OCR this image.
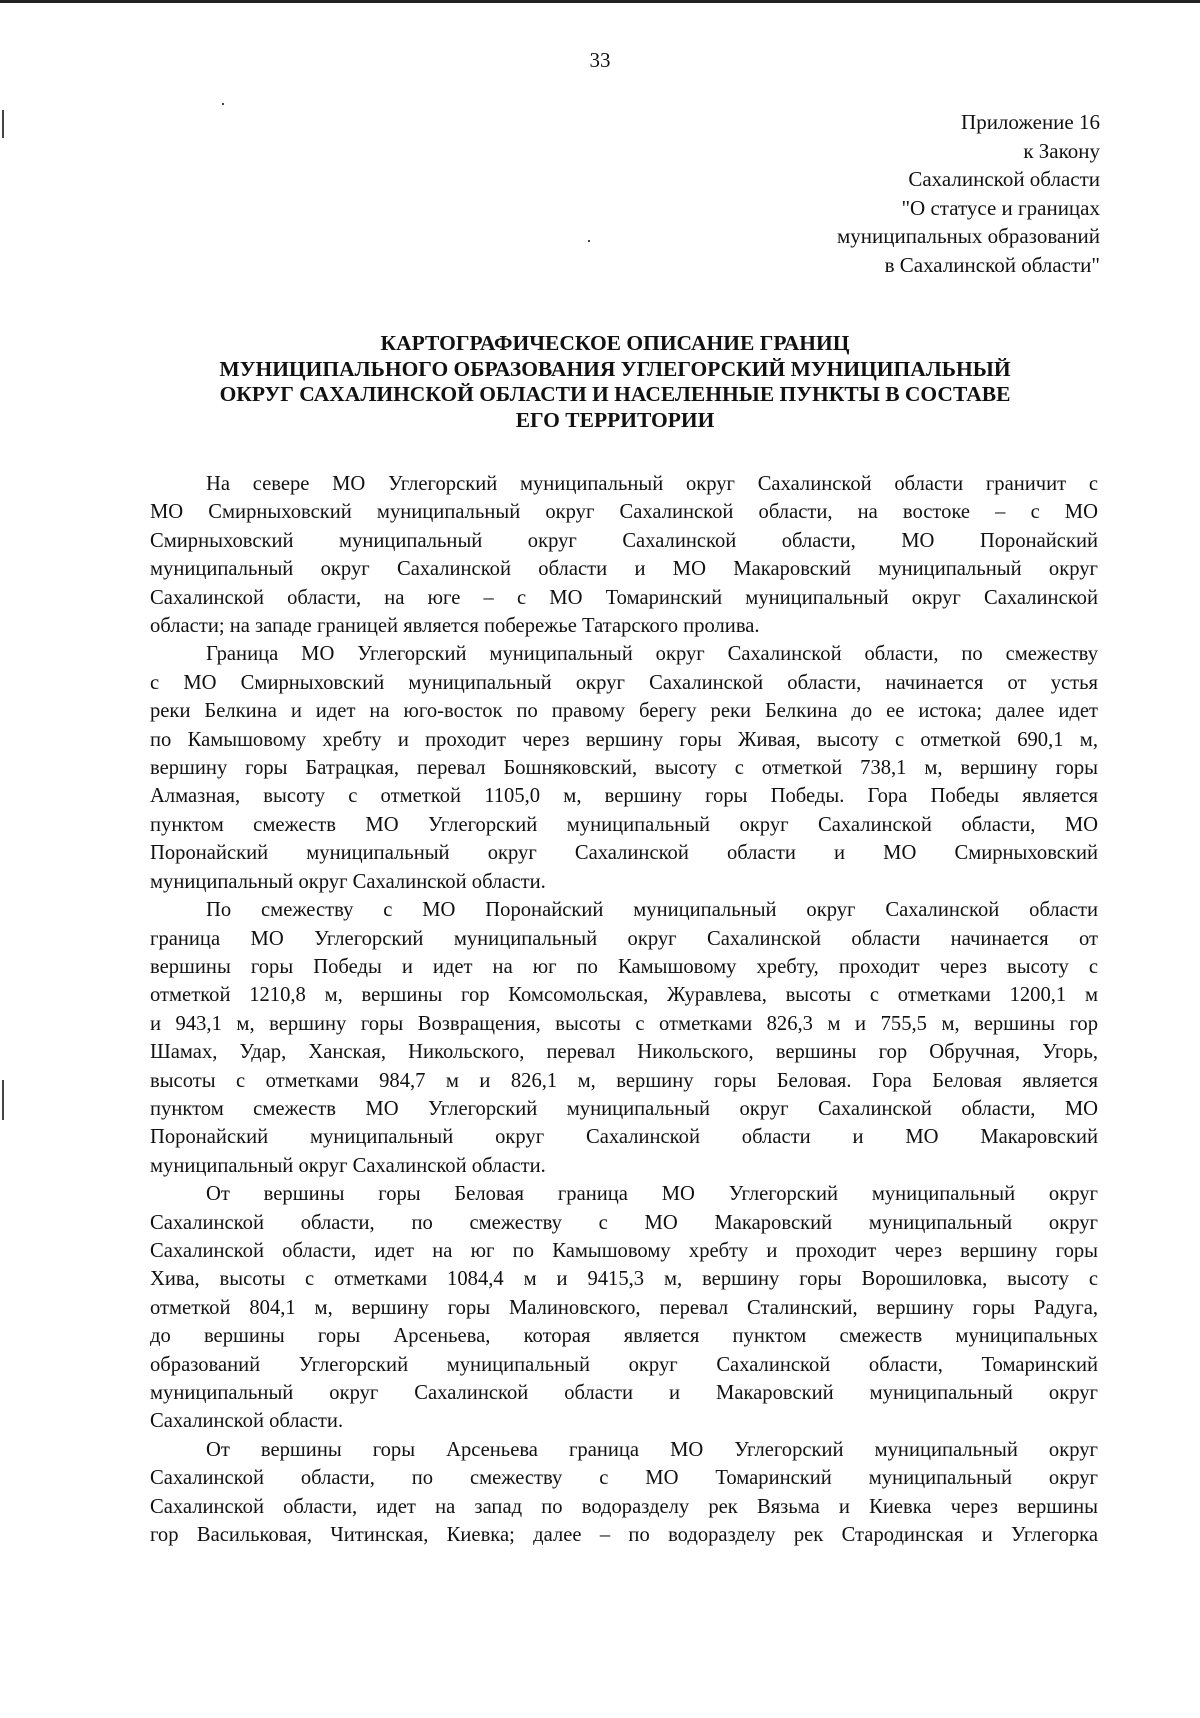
33
Приложение 16
к Закону
Сахалинской области
"О статусе и границах
муниципальных образований
в Сахалинской области"
КАРТОГРАФИЧЕСКОЕ ОПИСАНИЕ ГРАНИЦ
МУНИЦИПАЛЬНОГО ОБРАЗОВАНИЯ УГЛЕГОРСКИЙ МУНИЦИПАЛЬНЫЙ
ОКРУГ САХАЛИНСКОЙ ОБЛАСТИ И НАСЕЛЕННЫЕ ПУНКТЫ В СОСТАВЕ
ЕГО ТЕРРИТОРИИ
На севере МО Углегорский муниципальный округ Сахалинской области граничит с
МО Смирныховский муниципальный округ Сахалинской области, на востоке – с МО
Смирныховский муниципальный округ Сахалинской области, МО Поронайский
муниципальный округ Сахалинской области и МО Макаровский муниципальный округ
Сахалинской области, на юге – с МО Томаринский муниципальный округ Сахалинской
области; на западе границей является побережье Татарского пролива.
Граница МО Углегорский муниципальный округ Сахалинской области, по смежеству
с МО Смирныховский муниципальный округ Сахалинской области, начинается от устья
реки Белкина и идет на юго-восток по правому берегу реки Белкина до ее истока; далее идет
по Камышовому хребту и проходит через вершину горы Живая, высоту с отметкой 690,1 м,
вершину горы Батрацкая, перевал Бошняковский, высоту с отметкой 738,1 м, вершину горы
Алмазная, высоту с отметкой 1105,0 м, вершину горы Победы. Гора Победы является
пунктом смежеств МО Углегорский муниципальный округ Сахалинской области, МО
Поронайский муниципальный округ Сахалинской области и МО Смирныховский
муниципальный округ Сахалинской области.
По смежеству с МО Поронайский муниципальный округ Сахалинской области
граница МО Углегорский муниципальный округ Сахалинской области начинается от
вершины горы Победы и идет на юг по Камышовому хребту, проходит через высоту с
отметкой 1210,8 м, вершины гор Комсомольская, Журавлева, высоты с отметками 1200,1 м
и 943,1 м, вершину горы Возвращения, высоты с отметками 826,3 м и 755,5 м, вершины гор
Шамах, Удар, Ханская, Никольского, перевал Никольского, вершины гор Обручная, Угорь,
высоты с отметками 984,7 м и 826,1 м, вершину горы Беловая. Гора Беловая является
пунктом смежеств МО Углегорский муниципальный округ Сахалинской области, МО
Поронайский муниципальный округ Сахалинской области и МО Макаровский
муниципальный округ Сахалинской области.
От вершины горы Беловая граница МО Углегорский муниципальный округ
Сахалинской области, по смежеству с МО Макаровский муниципальный округ
Сахалинской области, идет на юг по Камышовому хребту и проходит через вершину горы
Хива, высоты с отметками 1084,4 м и 9415,3 м, вершину горы Ворошиловка, высоту с
отметкой 804,1 м, вершину горы Малиновского, перевал Сталинский, вершину горы Радуга,
до вершины горы Арсеньева, которая является пунктом смежеств муниципальных
образований Углегорский муниципальный округ Сахалинской области, Томаринский
муниципальный округ Сахалинской области и Макаровский муниципальный округ
Сахалинской области.
От вершины горы Арсеньева граница МО Углегорский муниципальный округ
Сахалинской области, по смежеству с МО Томаринский муниципальный округ
Сахалинской области, идет на запад по водоразделу рек Вязьма и Киевка через вершины
гор Васильковая, Читинская, Киевка; далее – по водоразделу рек Стародинская и Углегорка
